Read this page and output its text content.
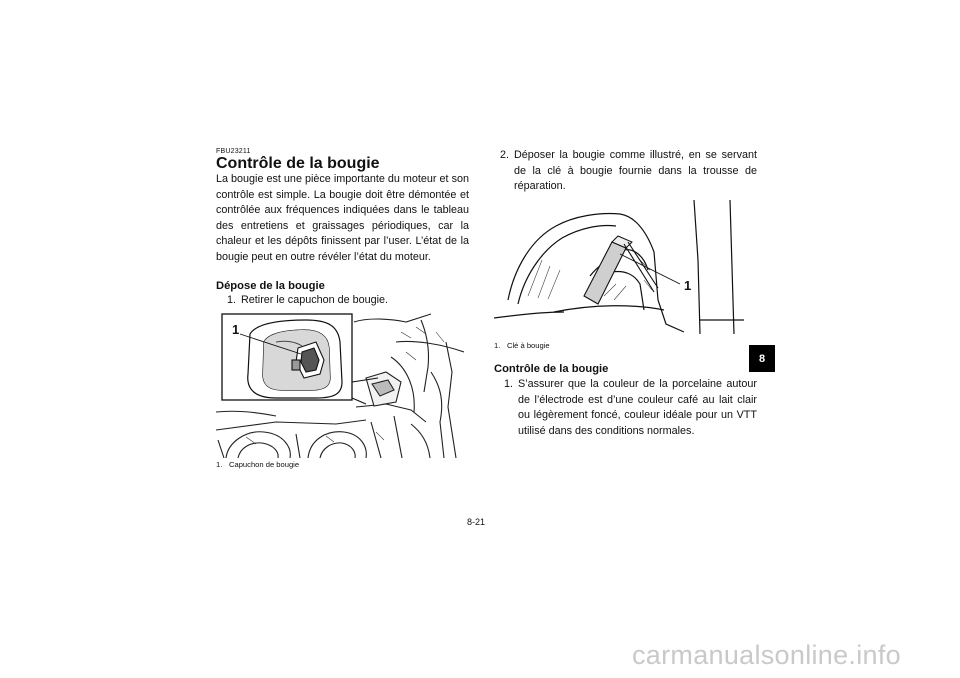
FBU23211
Contrôle de la bougie
La bougie est une pièce importante du moteur et son contrôle est simple. La bougie doit être démontée et contrôlée aux fréquences indiquées dans le tableau des entretiens et graissages périodiques, car la chaleur et les dépôts finissent par l’user. L’état de la bougie peut en outre révéler l’état du moteur.
Dépose de la bougie
1. Retirer le capuchon de bougie.
1
1. Capuchon de bougie
2. Déposer la bougie comme illustré, en se servant de la clé à bougie fournie dans la trousse de réparation.
1
1. Clé à bougie
Contrôle de la bougie
1. S’assurer que la couleur de la porcelaine autour de l’électrode est d’une couleur café au lait clair ou légèrement foncé, couleur idéale pour un VTT utilisé dans des conditions normales.
8
8-21
carmanualsonline.info
